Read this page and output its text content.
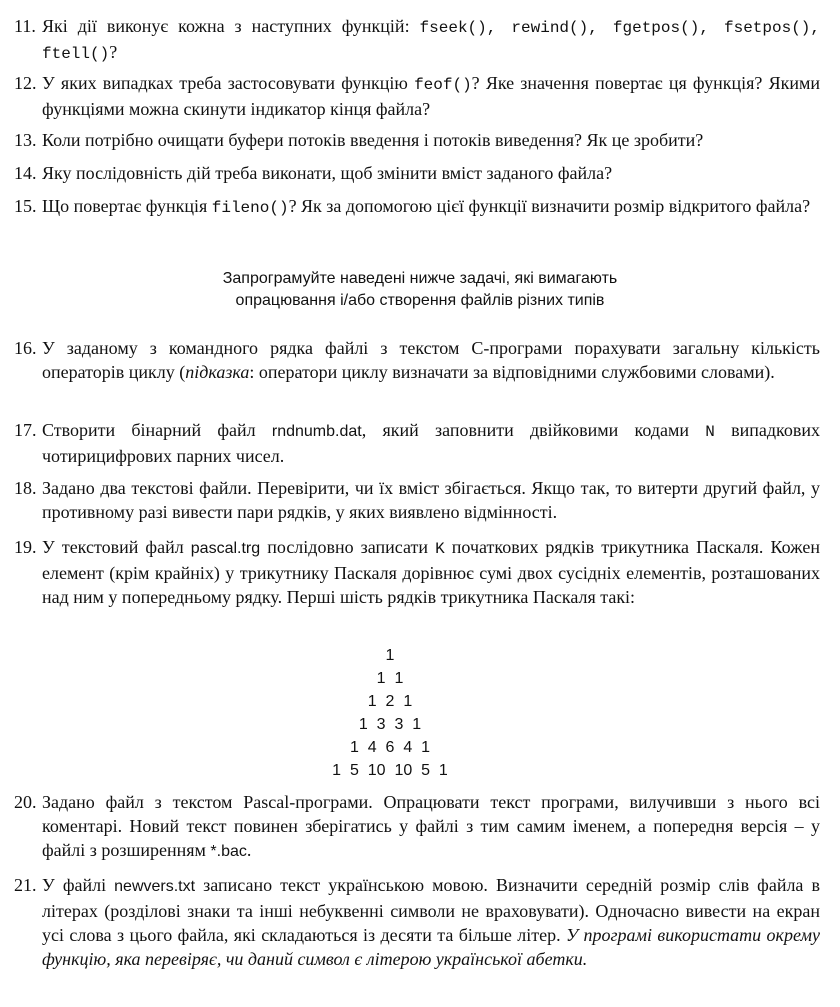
11. Які дії виконує кожна з наступних функцій: fseek(), rewind(), fgetpos(), fsetpos(), ftell()?
12. У яких випадках треба застосовувати функцію feof()? Яке значення повертає ця функція? Якими функціями можна скинути індикатор кінця файла?
13. Коли потрібно очищати буфери потоків введення і потоків виведення? Як це зробити?
14. Яку послідовність дій треба виконати, щоб змінити вміст заданого файла?
15. Що повертає функція fileno()? Як за допомогою цієї функції визначити розмір відкритого файла?
Запрограмуйте наведені нижче задачі, які вимагають
опрацювання і/або створення файлів різних типів
16. У заданому з командного рядка файлі з текстом С-програми порахувати загальну кількість операторів циклу (підказка: оператори циклу визначати за відповідними службовими словами).
17. Створити бінарний файл rndnumb.dat, який заповнити двійковими кодами N випадкових чотирицифрових парних чисел.
18. Задано два текстові файли. Перевірити, чи їх вміст збігається. Якщо так, то витерти другий файл, у противному разі вивести пари рядків, у яких виявлено відмінності.
19. У текстовий файл pascal.trg послідовно записати K початкових рядків трикутника Паскаля. Кожен елемент (крім крайніх) у трикутнику Паскаля дорівнює сумі двох сусідніх елементів, розташованих над ним у попередньому рядку. Перші шість рядків трикутника Паскаля такі:
1
1 1
1 2 1
1 3 3 1
1 4 6 4 1
1 5 10 10 5 1
20. Задано файл з текстом Pascal-програми. Опрацювати текст програми, вилучивши з нього всі коментарі. Новий текст повинен зберігатись у файлі з тим самим іменем, а попередня версія – у файлі з розширенням *.bac.
21. У файлі newvers.txt записано текст українською мовою. Визначити середній розмір слів файла в літерах (розділові знаки та інші небуквенні символи не враховувати). Одночасно вивести на екран усі слова з цього файла, які складаються із десяти та більше літер. У програмі використати окрему функцію, яка перевіряє, чи даний символ є літерою української абетки.
